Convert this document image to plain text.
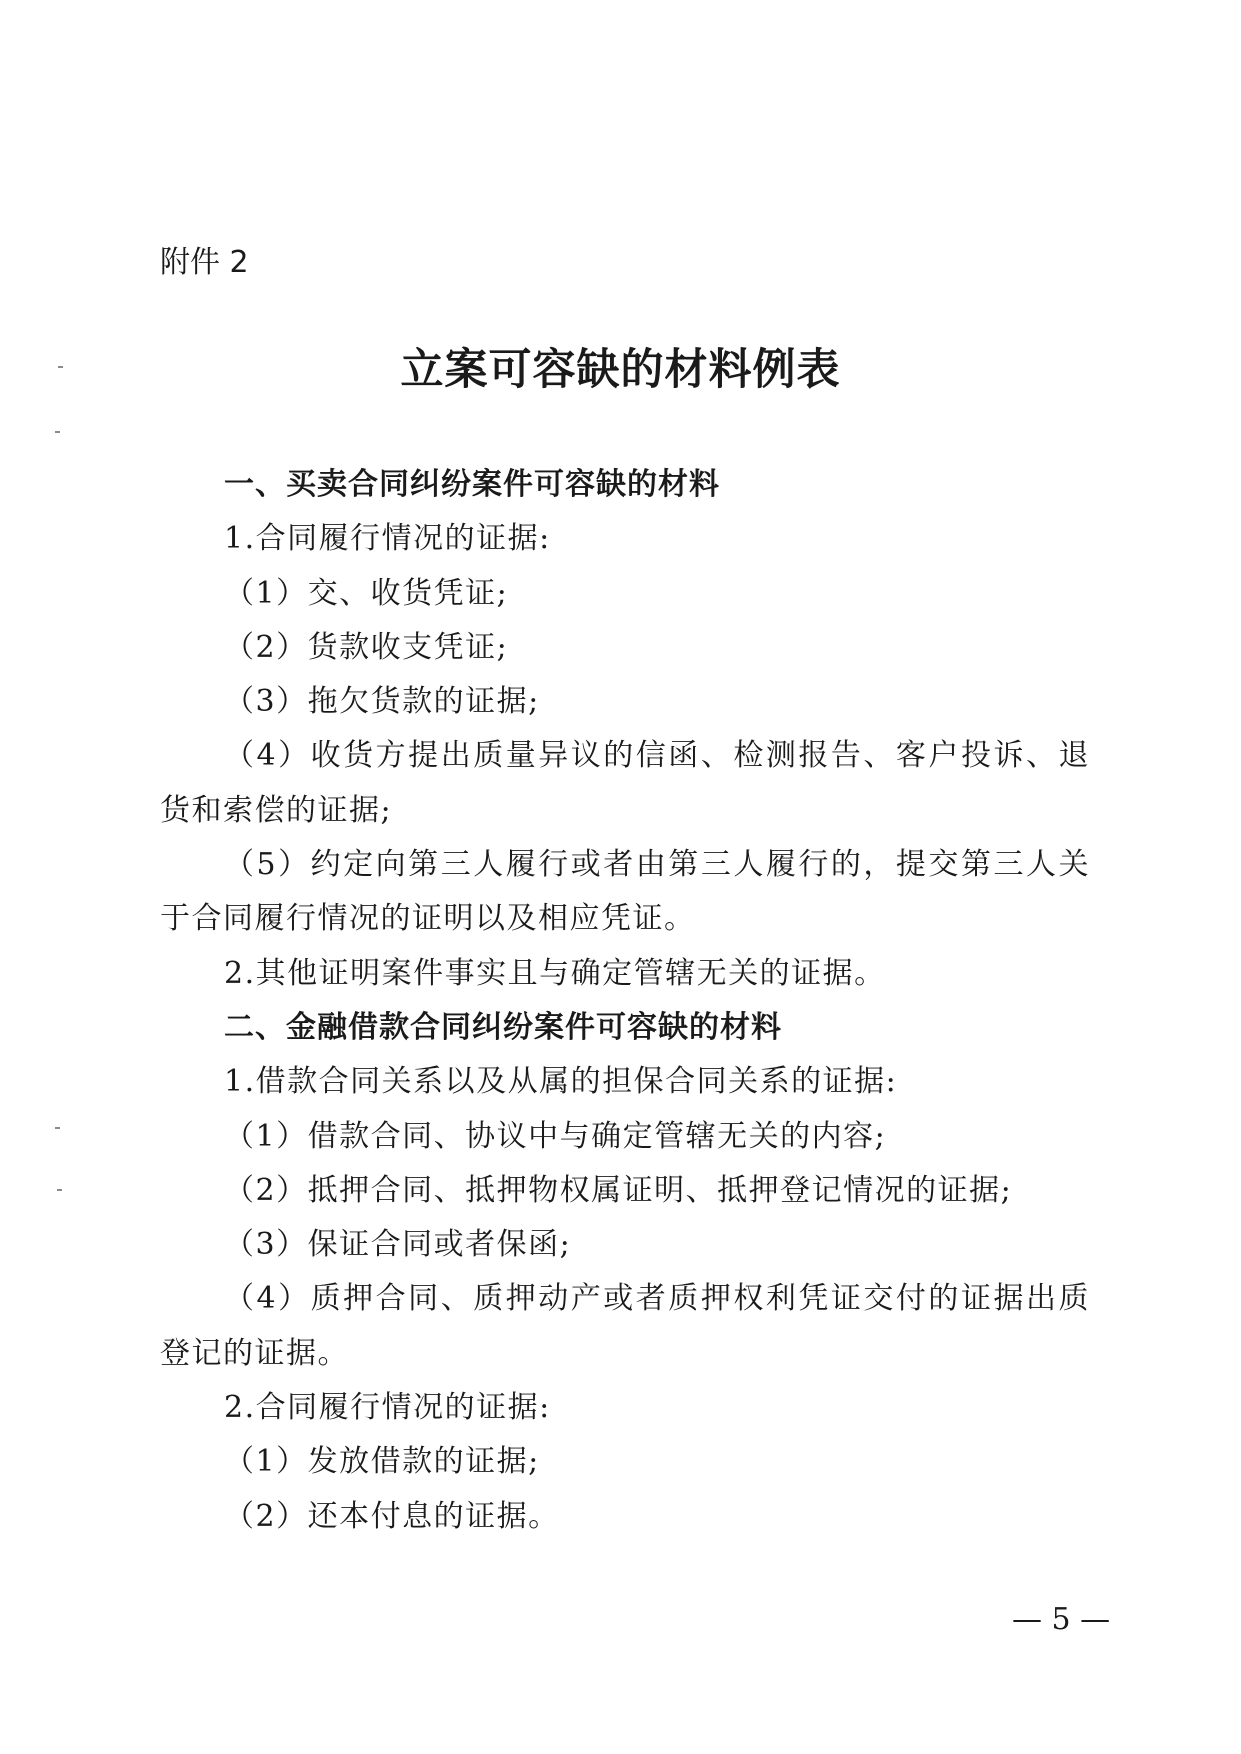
附件 2
立案可容缺的材料例表
一、买卖合同纠纷案件可容缺的材料
1.合同履行情况的证据:
（1）交、收货凭证;
（2）货款收支凭证;
（3）拖欠货款的证据;
（4）收货方提出质量异议的信函、检测报告、客户投诉、退
货和索偿的证据;
（5）约定向第三人履行或者由第三人履行的，提交第三人关
于合同履行情况的证明以及相应凭证。
2.其他证明案件事实且与确定管辖无关的证据。
二、金融借款合同纠纷案件可容缺的材料
1.借款合同关系以及从属的担保合同关系的证据:
（1）借款合同、协议中与确定管辖无关的内容;
（2）抵押合同、抵押物权属证明、抵押登记情况的证据;
（3）保证合同或者保函;
（4）质押合同、质押动产或者质押权利凭证交付的证据出质
登记的证据。
2.合同履行情况的证据:
（1）发放借款的证据;
（2）还本付息的证据。
— 5 —
